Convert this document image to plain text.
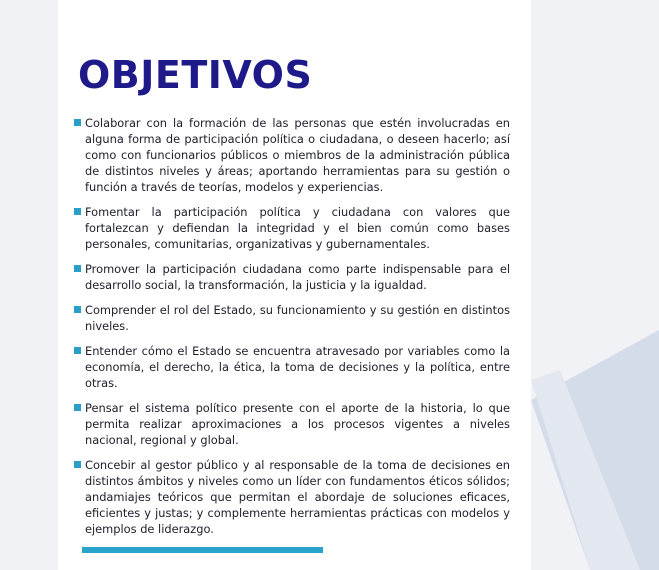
OBJETIVOS
Colaborar con la formación de las personas que estén involucradas en alguna forma de participación política o ciudadana, o deseen hacerlo; así como con funcionarios públicos o miembros de la administración pública de distintos niveles y áreas; aportando herramientas para su gestión o función a través de teorías, modelos y experiencias.
Fomentar la participación política y ciudadana con valores que fortalezcan y defiendan la integridad y el bien común como bases personales, comunitarias, organizativas y gubernamentales.
Promover la participación ciudadana como parte indispensable para el desarrollo social, la transformación, la justicia y la igualdad.
Comprender el rol del Estado, su funcionamiento y su gestión en distintos niveles.
Entender cómo el Estado se encuentra atravesado por variables como la economía, el derecho, la ética, la toma de decisiones y la política, entre otras.
Pensar el sistema político presente con el aporte de la historia, lo que permita realizar aproximaciones a los procesos vigentes a niveles nacional, regional y global.
Concebir al gestor público y al responsable de la toma de decisiones en distintos ámbitos y niveles como un líder con fundamentos éticos sólidos; andamiajes teóricos que permitan el abordaje de soluciones eficaces, eficientes y justas; y complemente herramientas prácticas con modelos y ejemplos de liderazgo.
